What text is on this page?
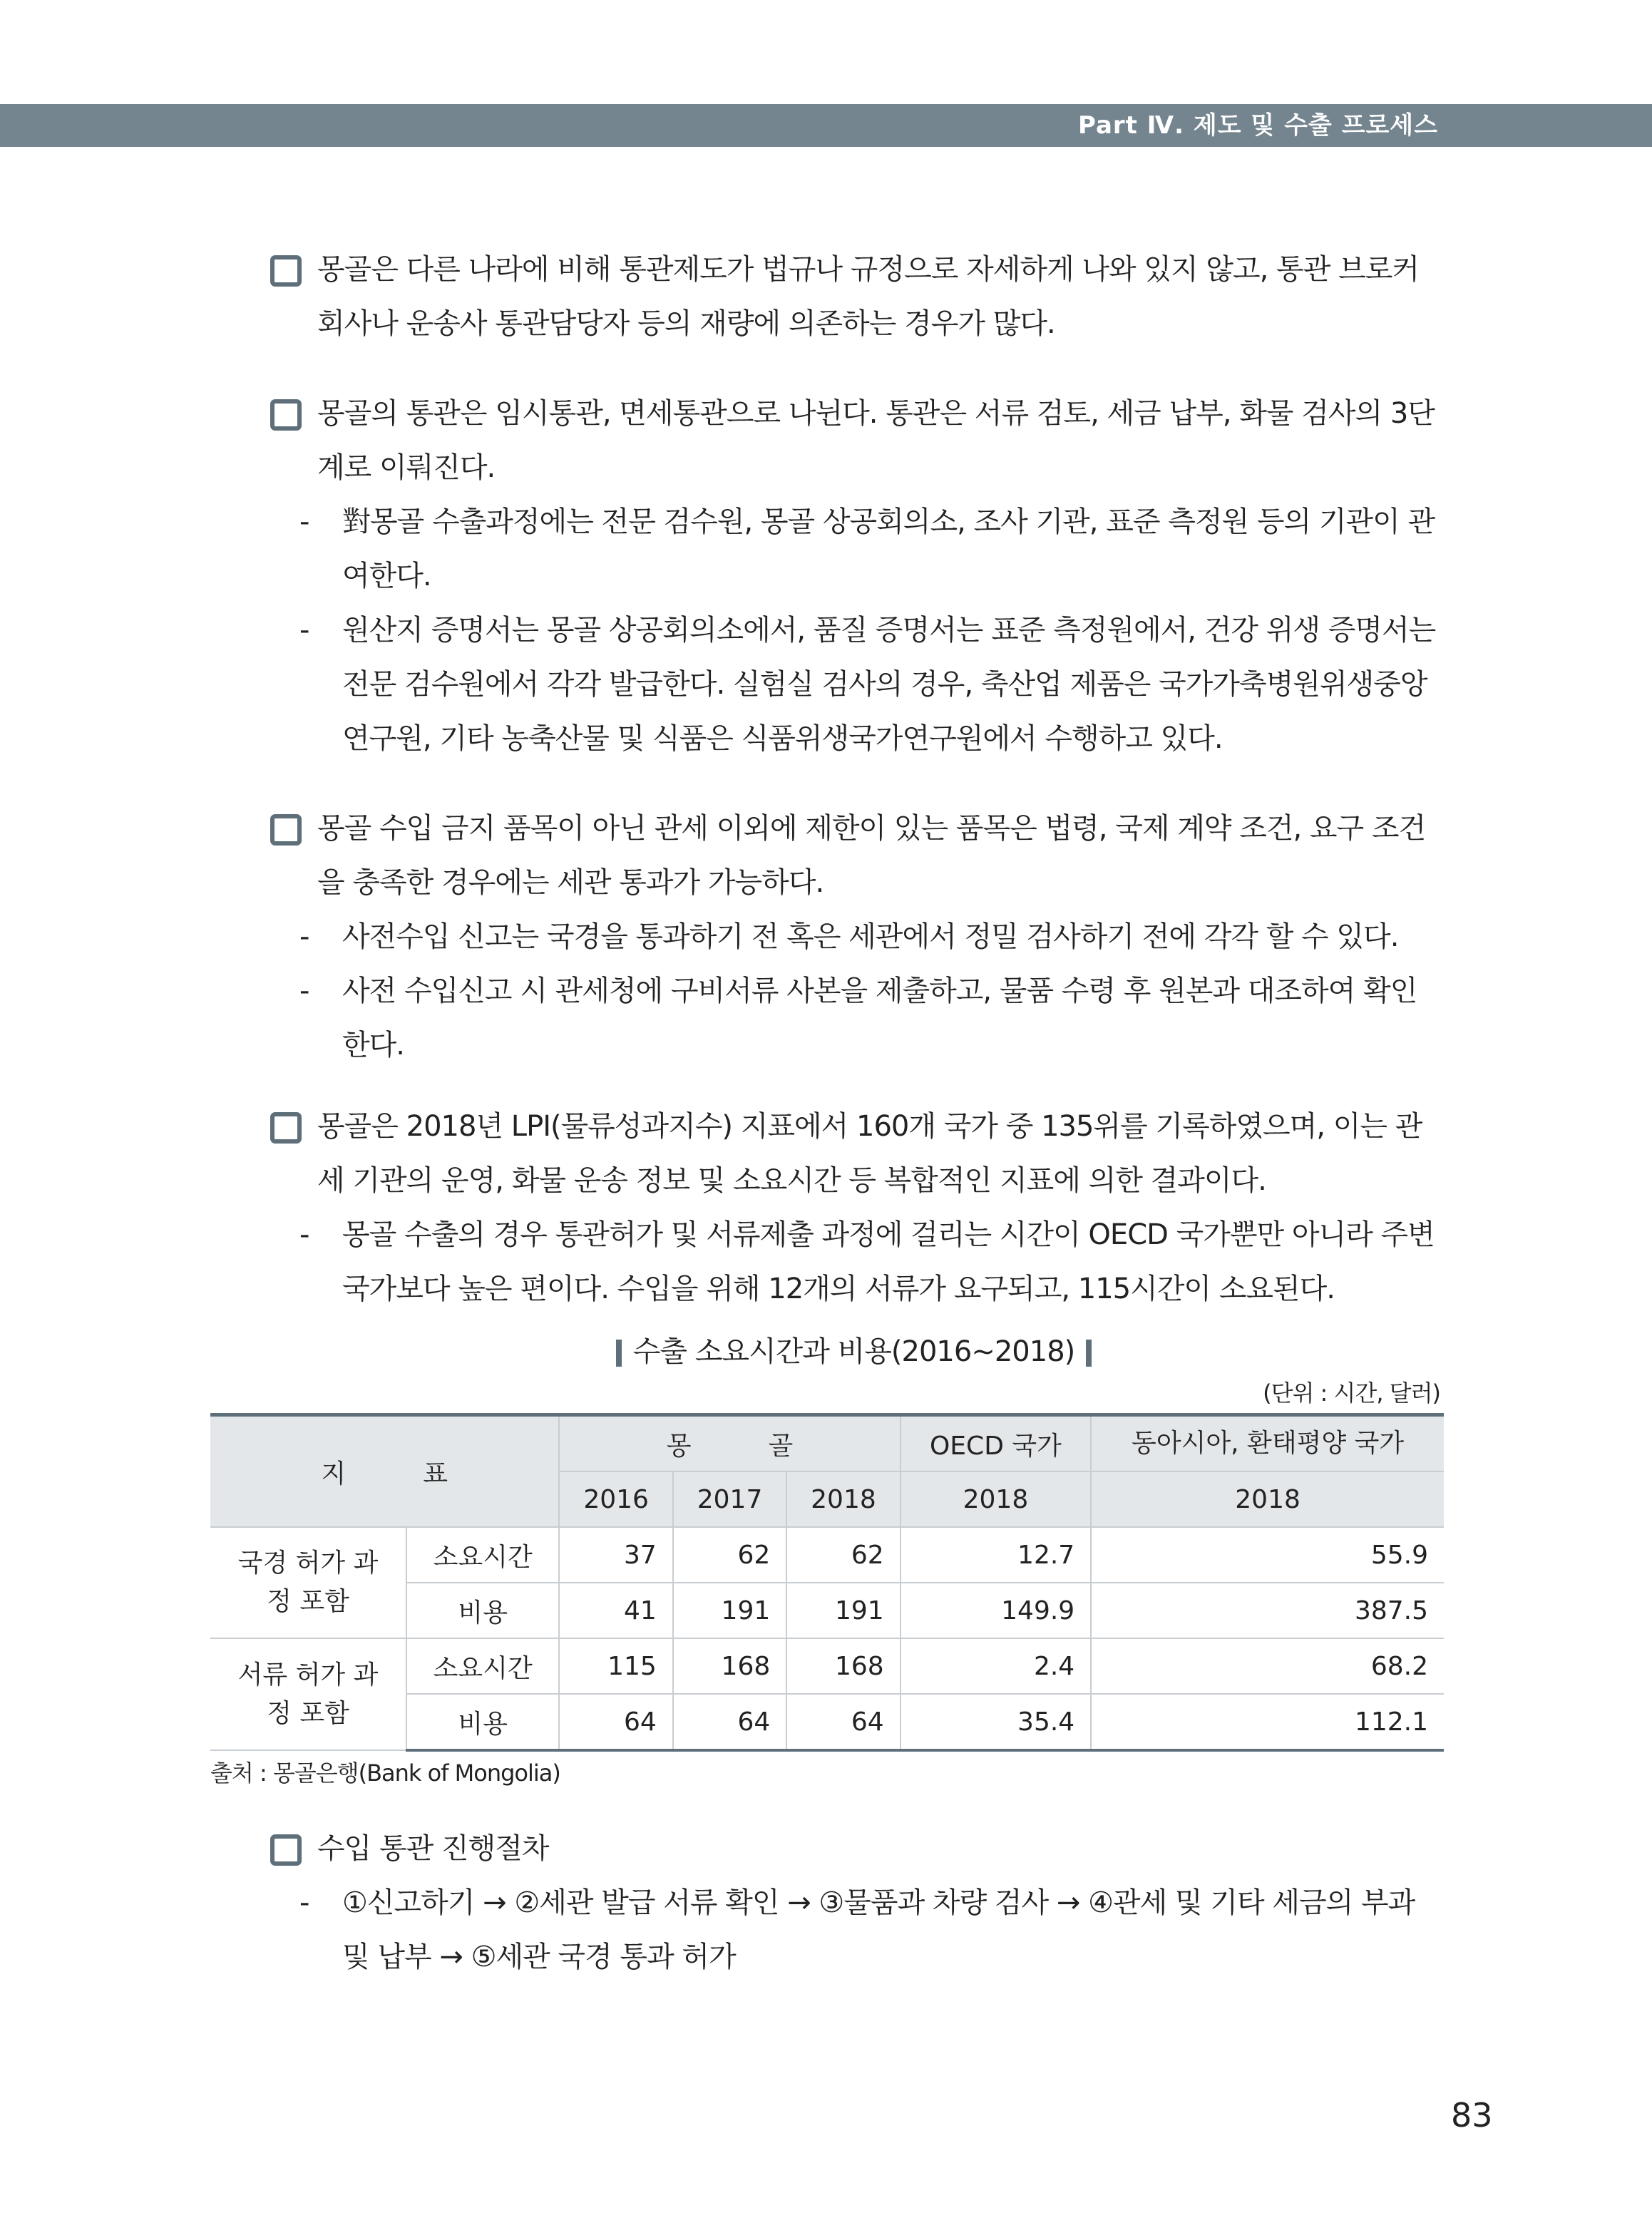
Part Ⅳ. 제도 및 수출 프로세스
몽골은 다른 나라에 비해 통관제도가 법규나 규정으로 자세하게 나와 있지 않고, 통관 브로커 회사나 운송사 통관담당자 등의 재량에 의존하는 경우가 많다.
몽골의 통관은 임시통관, 면세통관으로 나뉜다. 통관은 서류 검토, 세금 납부, 화물 검사의 3단계로 이뤄진다.
- 對몽골 수출과정에는 전문 검수원, 몽골 상공회의소, 조사 기관, 표준 측정원 등의 기관이 관여한다.
- 원산지 증명서는 몽골 상공회의소에서, 품질 증명서는 표준 측정원에서, 건강 위생 증명서는 전문 검수원에서 각각 발급한다. 실험실 검사의 경우, 축산업 제품은 국가가축병원위생중앙연구원, 기타 농축산물 및 식품은 식품위생국가연구원에서 수행하고 있다.
몽골 수입 금지 품목이 아닌 관세 이외에 제한이 있는 품목은 법령, 국제 계약 조건, 요구 조건을 충족한 경우에는 세관 통과가 가능하다.
- 사전수입 신고는 국경을 통과하기 전 혹은 세관에서 정밀 검사하기 전에 각각 할 수 있다.
- 사전 수입신고 시 관세청에 구비서류 사본을 제출하고, 물품 수령 후 원본과 대조하여 확인한다.
몽골은 2018년 LPI(물류성과지수) 지표에서 160개 국가 중 135위를 기록하였으며, 이는 관세 기관의 운영, 화물 운송 정보 및 소요시간 등 복합적인 지표에 의한 결과이다.
- 몽골 수출의 경우 통관허가 및 서류제출 과정에 걸리는 시간이 OECD 국가뿐만 아니라 주변 국가보다 높은 편이다. 수입을 위해 12개의 서류가 요구되고, 115시간이 소요된다.
수출 소요시간과 비용(2016~2018)
(단위 : 시간, 달러)
지　　　표		몽　　　골			OECD 국가	동아시아, 환태평양 국가
		2016	2017	2018	2018	2018
국경 허가 과정 포함	소요시간	37	62	62	12.7	55.9
	비용	41	191	191	149.9	387.5
서류 허가 과정 포함	소요시간	115	168	168	2.4	68.2
	비용	64	64	64	35.4	112.1
출처 : 몽골은행(Bank of Mongolia)
수입 통관 진행절차
- ①신고하기 → ②세관 발급 서류 확인 → ③물품과 차량 검사 → ④관세 및 기타 세금의 부과 및 납부 → ⑤세관 국경 통과 허가
83
